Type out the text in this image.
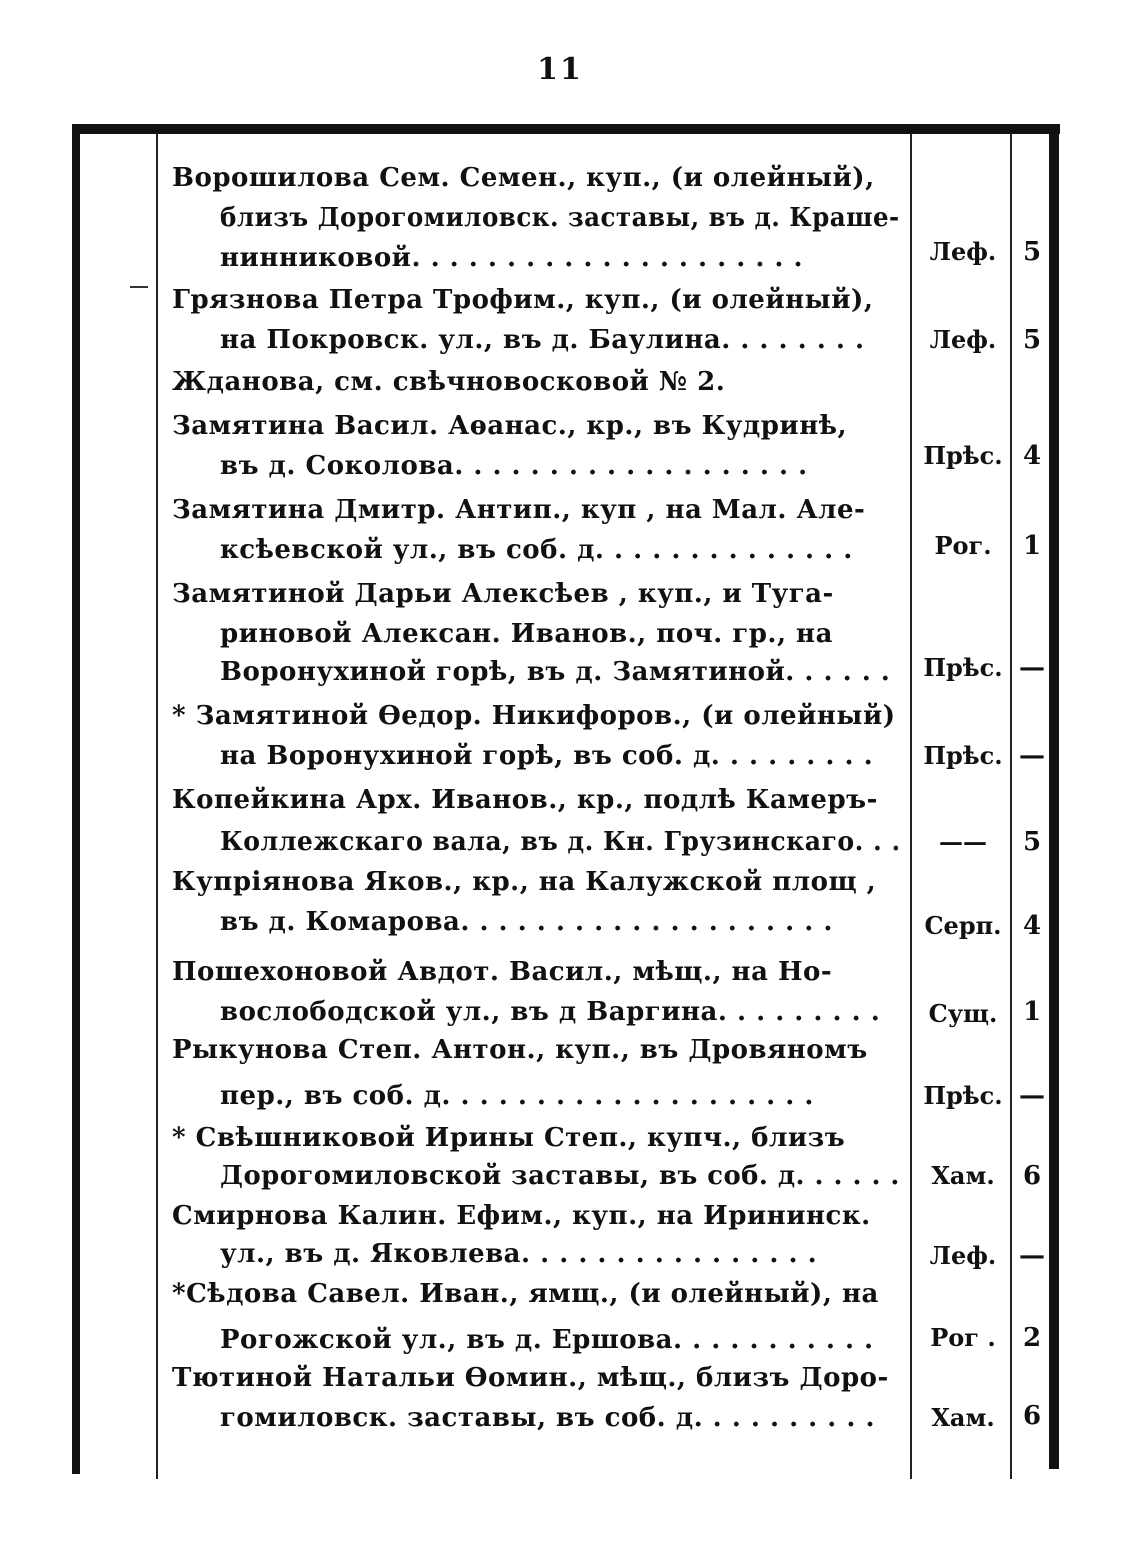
11
Ворошилова Сем. Семен., куп., (и олейный),
близъ Дорогомиловск. заставы, въ д. Краше-
нинниковой. . . . . . . . . . . . . . . . . . . . .	Леф.	5
Грязнова Петра Трофим., куп., (и олейный),
на Покровск. ул., въ д. Баулина. . . . . . . .	Леф.	5
Жданова, см. свѣчновосковой № 2.
Замятина Васил. Аѳанас., кр., въ Кудринѣ,
въ д. Соколова. . . . . . . . . . . . . . . . . . .	Прѣс. 4
Замятина Дмитр. Антип., куп , на Мал. Але-
ксѣевской ул., въ соб. д. . . . . . . . . . . . . .	Рог.	1
Замятиной Дарьи Алексѣев , куп., и Туга-
риновой Алексан. Иванов., поч. гр., на
Воронухиной горѣ, въ д. Замятиной. . . . . . Прѣс. —
* Замятиной Ѳедор. Никифоров., (и олейный)
на Воронухиной горѣ, въ соб. д. . . . . . . . . Прѣс. —
Копейкина Арх. Иванов., кр., подлѣ Камеръ-
Коллежскаго вала, въ д. Кн. Грузинскаго. . .	——	5
Купріянова Яков., кр., на Калужской площ ,
въ д. Комарова. . . . . . . . . . . . . . . . . . . .	Серп. 4
Пошехоновой Авдот. Васил., мѣщ., на Но-
вослободской ул., въ д Варгина. . . . . . . . .	Сущ. 1
Рыкунова Степ. Антон., куп., въ Дровяномъ
пер., въ соб. д. . . . . . . . . . . . . . . . . . . .	Прѣс. —
* Свѣшниковой Ирины Степ., купч., близъ
Дорогомиловской заставы, въ соб. д. . . . . .	Хам.	6
Смирнова Калин. Ефим., куп., на Ирининск.
ул., въ д. Яковлева. . . . . . . . . . . . . . . .	Леф. —
*Сѣдова Савел. Иван., ямщ., (и олейный), на
Рогожской ул., въ д. Ершова. . . . . . . . . . .	Рог .	2
Тютиной Натальи Ѳомин., мѣщ., близъ Доро-
гомиловск. заставы, въ соб. д. . . . . . . . . .	Хам.	6
